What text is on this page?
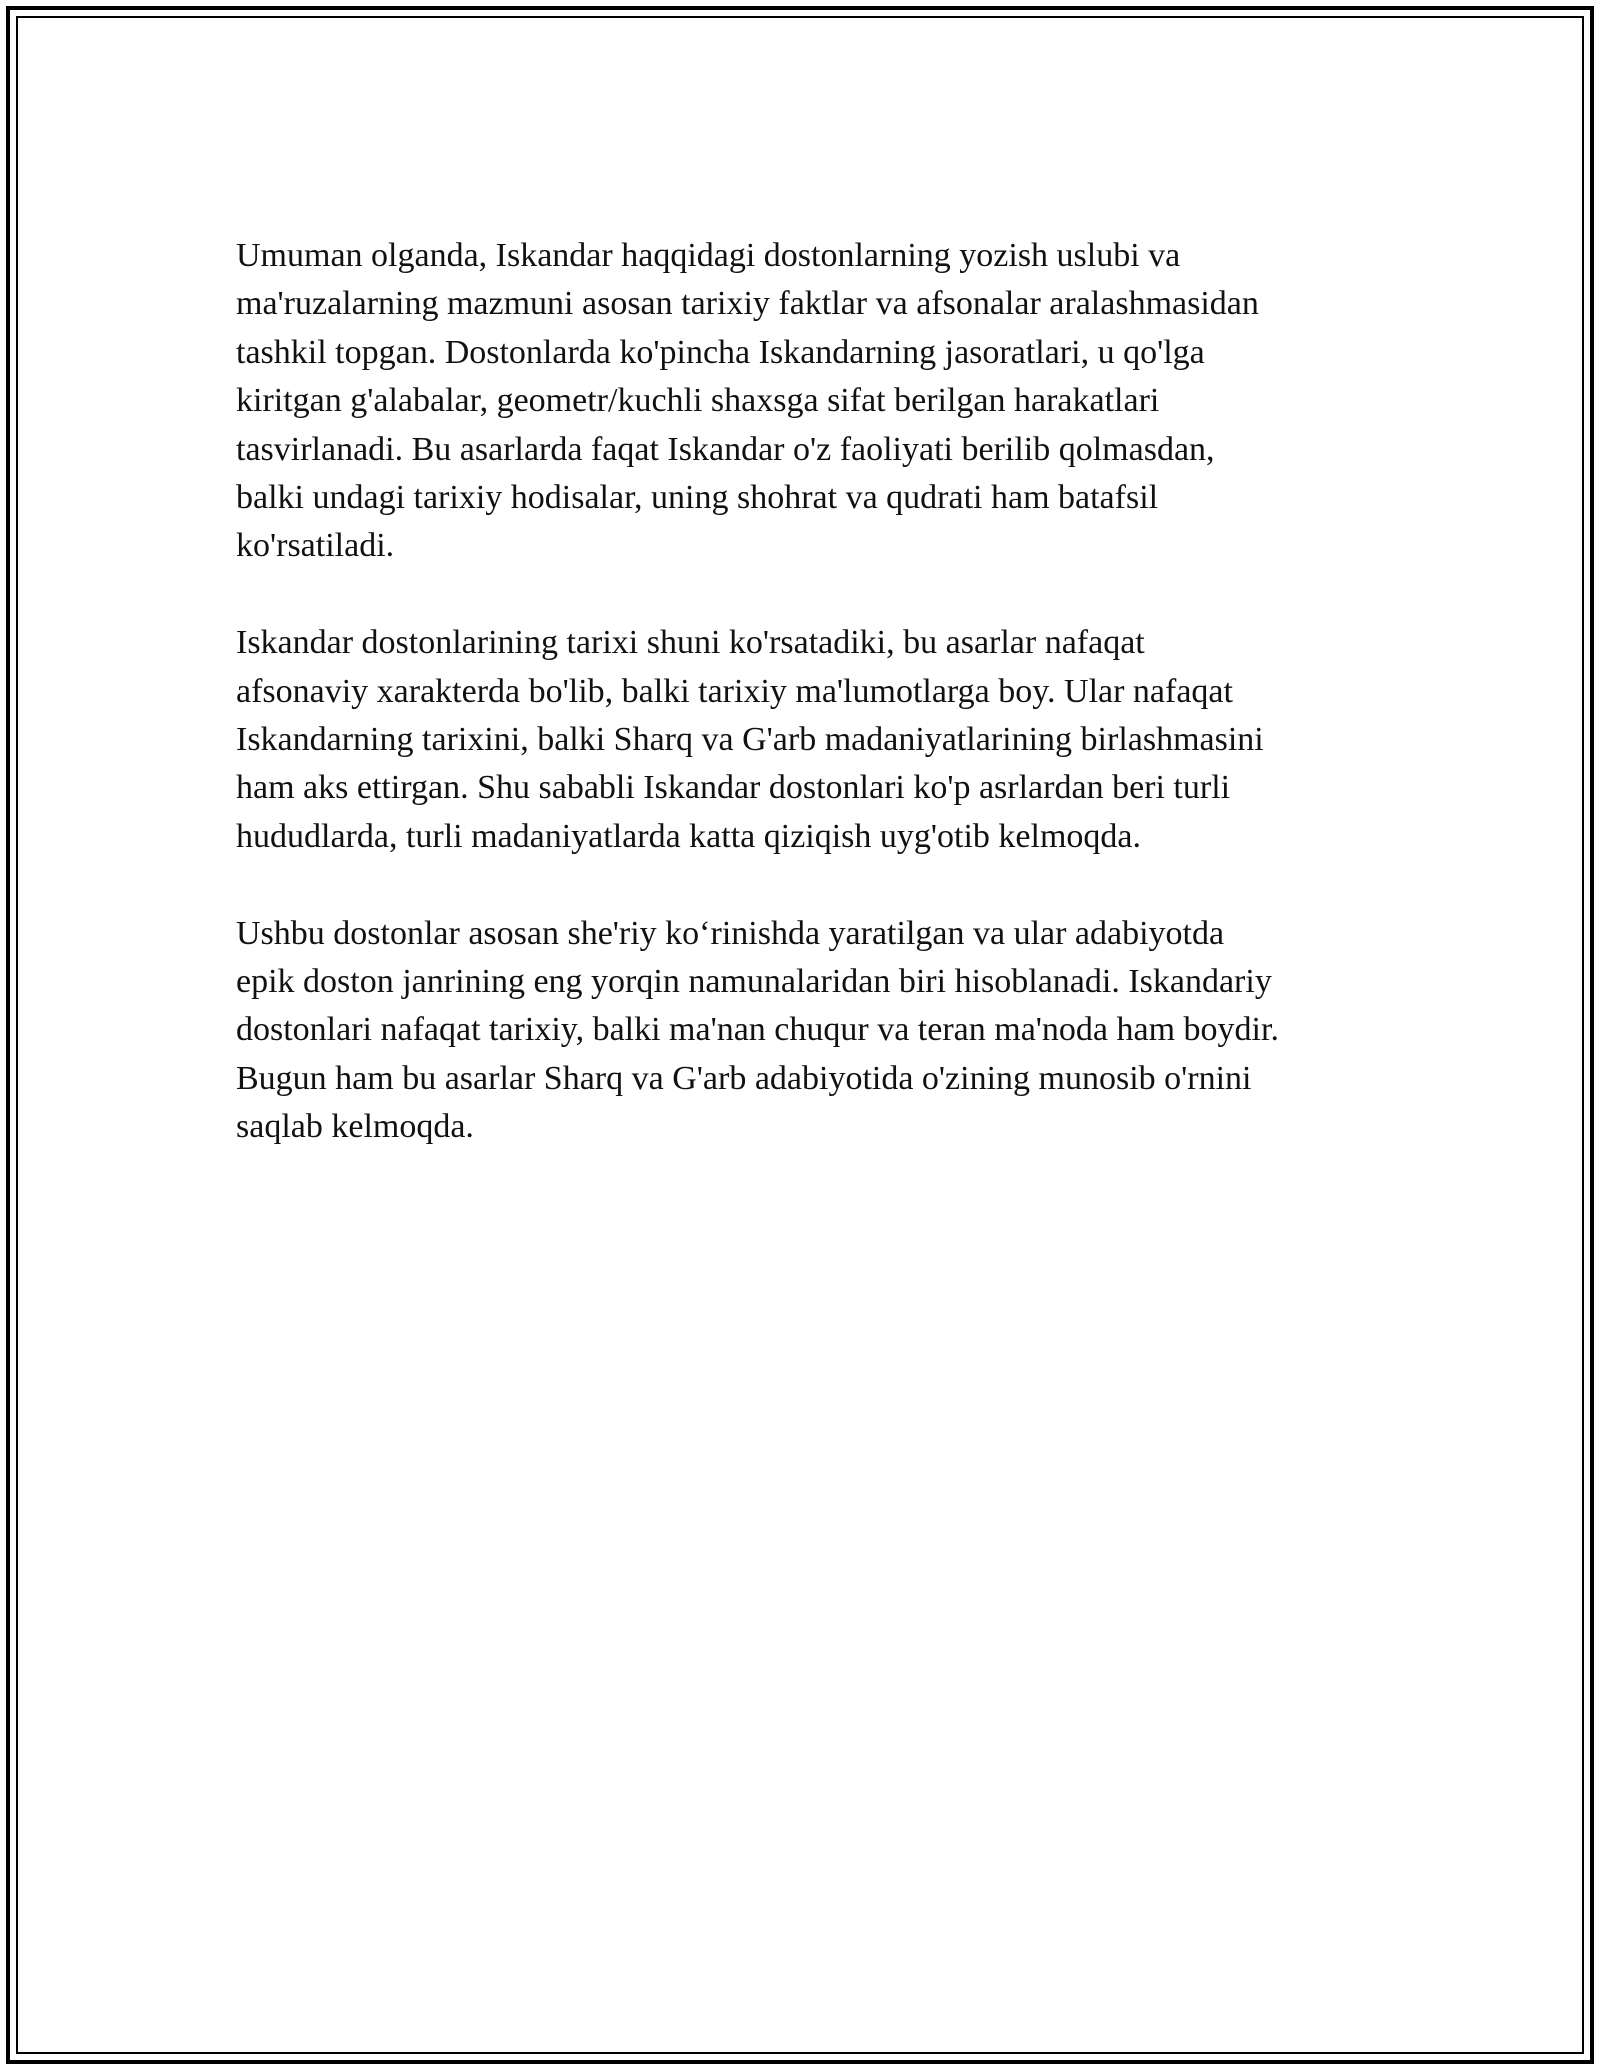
Umuman olganda, Iskandar haqqidagi dostonlarning yozish uslubi va
ma'ruzalarning mazmuni asosan tarixiy faktlar va afsonalar aralashmasidan
tashkil topgan. Dostonlarda ko'pincha Iskandarning jasoratlari, u qo'lga
kiritgan g'alabalar, geometr/kuchli shaxsga sifat berilgan harakatlari
tasvirlanadi. Bu asarlarda faqat Iskandar o'z faoliyati berilib qolmasdan,
balki undagi tarixiy hodisalar, uning shohrat va qudrati ham batafsil
ko'rsatiladi.

Iskandar dostonlarining tarixi shuni ko'rsatadiki, bu asarlar nafaqat
afsonaviy xarakterda bo'lib, balki tarixiy ma'lumotlarga boy. Ular nafaqat
Iskandarning tarixini, balki Sharq va G'arb madaniyatlarining birlashmasini
ham aks ettirgan. Shu sababli Iskandar dostonlari ko'p asrlardan beri turli
hududlarda, turli madaniyatlarda katta qiziqish uyg'otib kelmoqda.

Ushbu dostonlar asosan she'riy ko‘rinishda yaratilgan va ular adabiyotda
epik doston janrining eng yorqin namunalaridan biri hisoblanadi. Iskandariy
dostonlari nafaqat tarixiy, balki ma'nan chuqur va teran ma'noda ham boydir.
Bugun ham bu asarlar Sharq va G'arb adabiyotida o'zining munosib o'rnini
saqlab kelmoqda.
